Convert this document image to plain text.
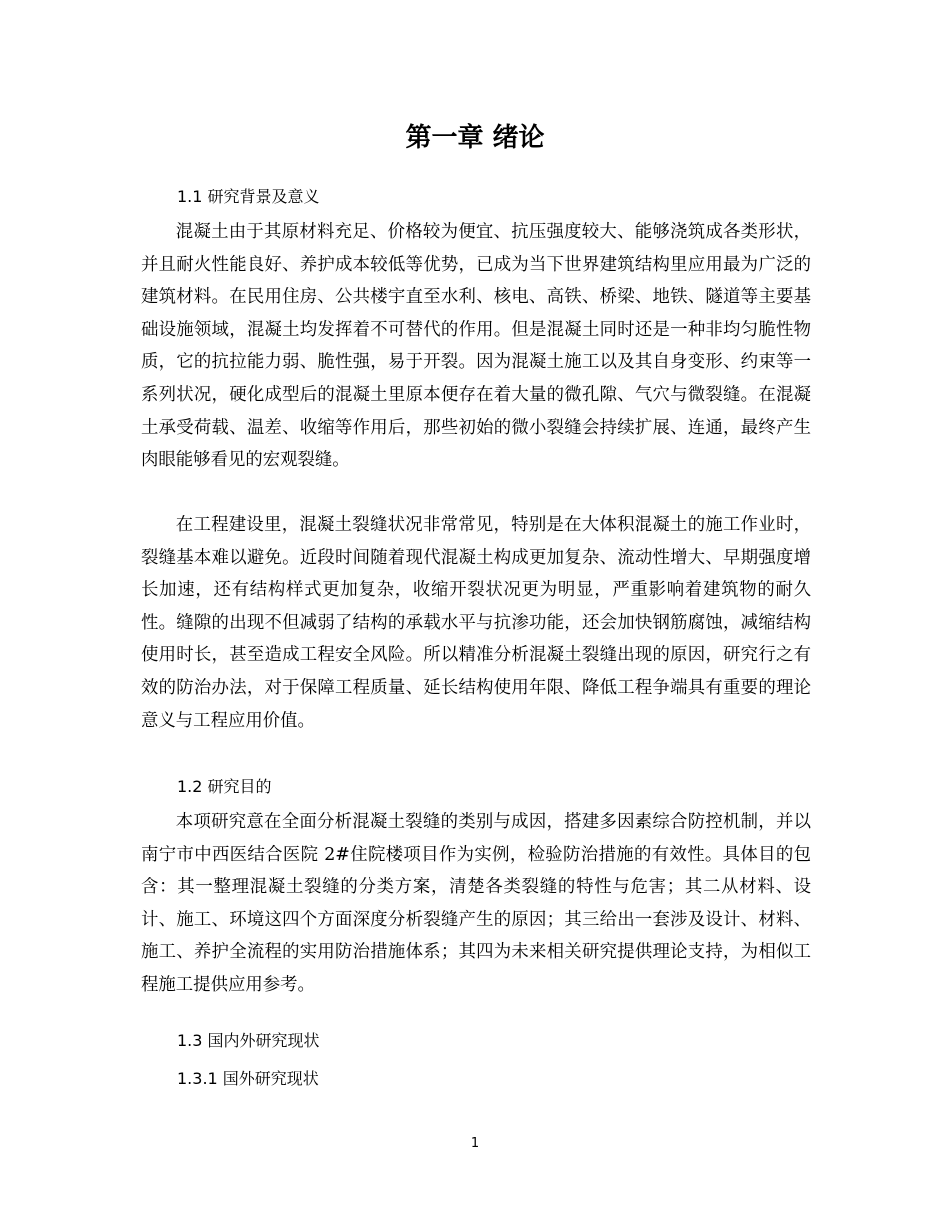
第一章 绪论
1.1 研究背景及意义

混凝土由于其原材料充足、价格较为便宜、抗压强度较大、能够浇筑成各类形状，并且耐火性能良好、养护成本较低等优势，已成为当下世界建筑结构里应用最为广泛的建筑材料。在民用住房、公共楼宇直至水利、核电、高铁、桥梁、地铁、隧道等主要基础设施领域，混凝土均发挥着不可替代的作用。但是混凝土同时还是一种非均匀脆性物质，它的抗拉能力弱、脆性强，易于开裂。因为混凝土施工以及其自身变形、约束等一系列状况，硬化成型后的混凝土里原本便存在着大量的微孔隙、气穴与微裂缝。在混凝土承受荷载、温差、收缩等作用后，那些初始的微小裂缝会持续扩展、连通，最终产生肉眼能够看见的宏观裂缝。

在工程建设里，混凝土裂缝状况非常常见，特别是在大体积混凝土的施工作业时，裂缝基本难以避免。近段时间随着现代混凝土构成更加复杂、流动性增大、早期强度增长加速，还有结构样式更加复杂，收缩开裂状况更为明显，严重影响着建筑物的耐久性。缝隙的出现不但减弱了结构的承载水平与抗渗功能，还会加快钢筋腐蚀，减缩结构使用时长，甚至造成工程安全风险。所以精准分析混凝土裂缝出现的原因，研究行之有效的防治办法，对于保障工程质量、延长结构使用年限、降低工程争端具有重要的理论意义与工程应用价值。

1.2 研究目的

本项研究意在全面分析混凝土裂缝的类别与成因，搭建多因素综合防控机制，并以南宁市中西医结合医院 2#住院楼项目作为实例，检验防治措施的有效性。具体目的包含：其一整理混凝土裂缝的分类方案，清楚各类裂缝的特性与危害；其二从材料、设计、施工、环境这四个方面深度分析裂缝产生的原因；其三给出一套涉及设计、材料、施工、养护全流程的实用防治措施体系；其四为未来相关研究提供理论支持，为相似工程施工提供应用参考。

1.3 国内外研究现状
1.3.1 国外研究现状
1
